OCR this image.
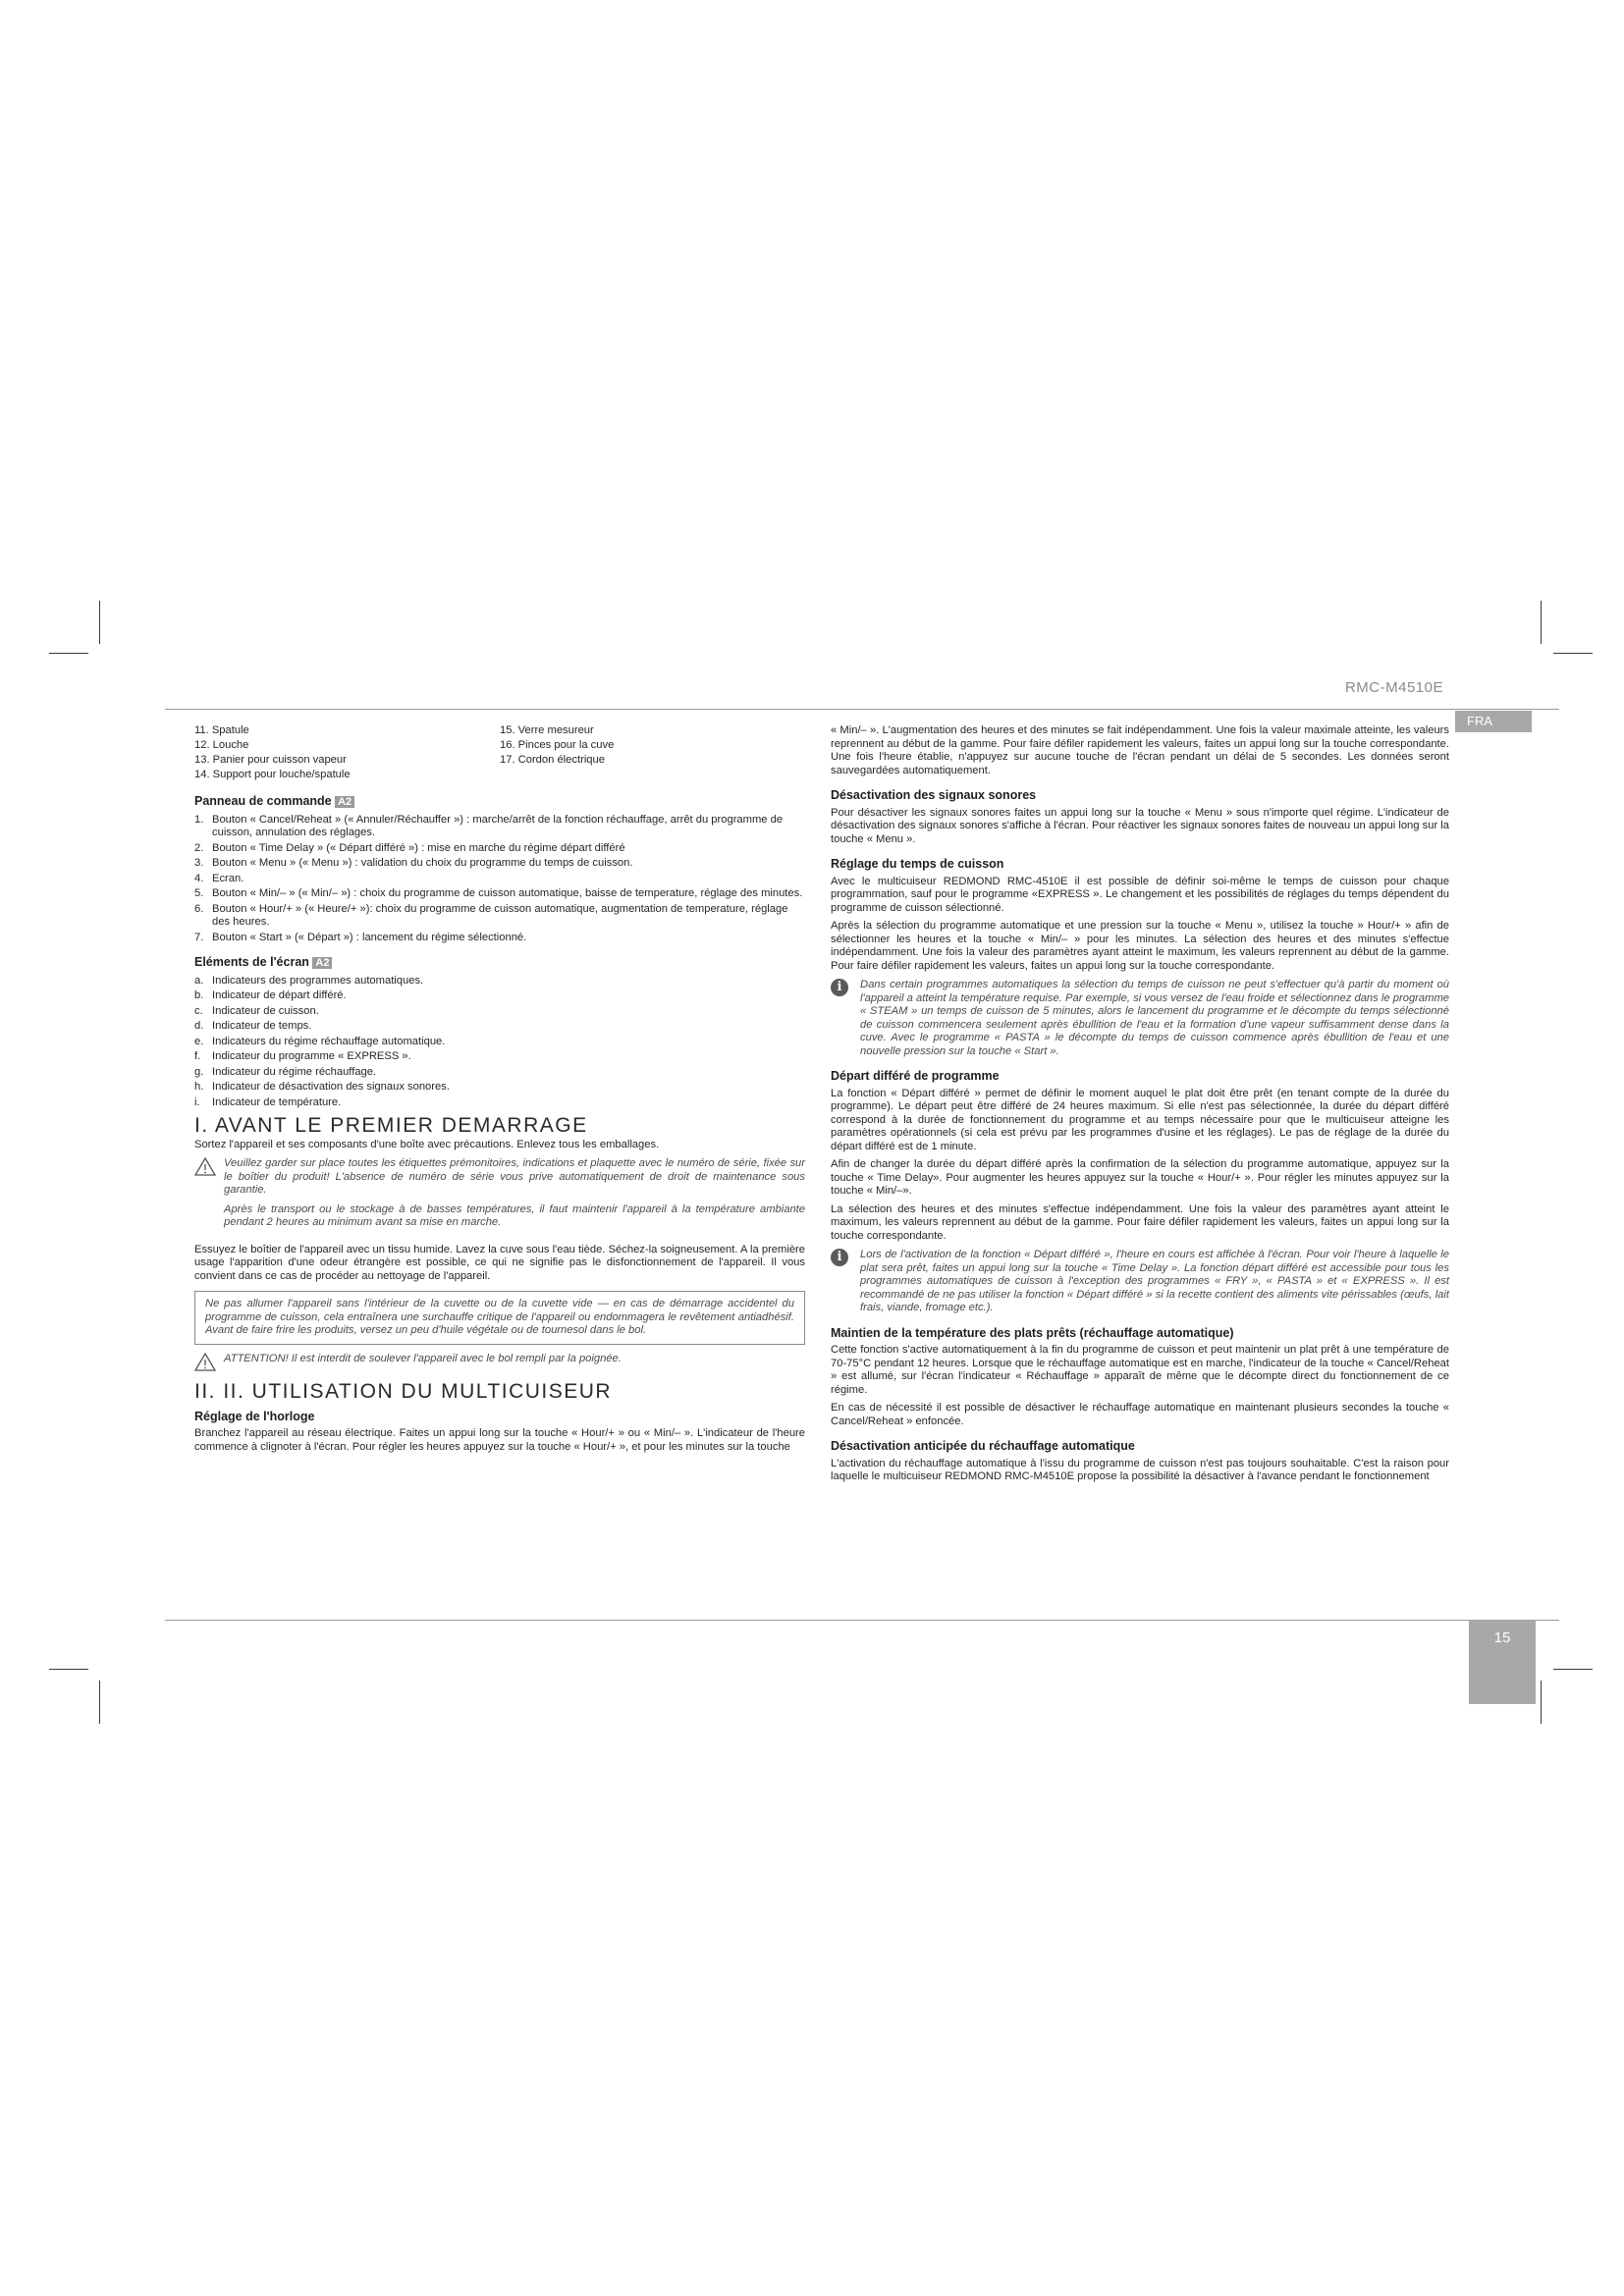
RMC-M4510E
FRA
11. Spatule
12. Louche
13. Panier pour cuisson vapeur
14. Support pour louche/spatule
15. Verre mesureur
16. Pinces pour la cuve
17. Cordon électrique
Panneau de commande A2
1. Bouton « Cancel/Reheat » (« Annuler/Réchauffer ») : marche/arrêt de la fonction réchauffage, arrêt du programme de cuisson, annulation des réglages.
2. Bouton « Time Delay » (« Départ différé ») : mise en marche du régime départ différé
3. Bouton « Menu » (« Menu ») : validation du choix du programme du temps de cuisson.
4. Ecran.
5. Bouton « Min/– » (« Min/– ») : choix du programme de cuisson automatique, baisse de temperature, réglage des minutes.
6. Bouton « Hour/+ » (« Heure/+ »): choix du programme de cuisson automatique, augmentation de temperature, réglage des heures.
7. Bouton « Start » (« Départ ») : lancement du régime sélectionné.
Eléments de l'écran A2
a. Indicateurs des programmes automatiques.
b. Indicateur de départ différé.
c. Indicateur de cuisson.
d. Indicateur de temps.
e. Indicateurs du régime réchauffage automatique.
f.	Indicateur du programme « EXPRESS ».
g. Indicateur du régime réchauffage.
h. Indicateur de désactivation des signaux sonores.
i.	Indicateur de température.
I. AVANT LE PREMIER DEMARRAGE

Sortez l'appareil et ses composants d'une boîte avec précautions. Enlevez tous les emballages.

Veuillez garder sur place toutes les étiquettes prémonitoires, indications et plaquette avec le numéro de série, fixée sur le boîtier du produit! L'absence de numéro de série vous prive automatiquement de droit de maintenance sous garantie.

Après le transport ou le stockage à de basses températures, il faut maintenir l'appareil à la température ambiante pendant 2 heures au minimum avant sa mise en marche.

Essuyez le boîtier de l'appareil avec un tissu humide. Lavez la cuve sous l'eau tiède. Séchez-la soigneusement. A la première usage l'apparition d'une odeur étrangère est possible, ce qui ne signifie pas le disfonctionnement de l'appareil. Il vous convient dans ce cas de procéder au nettoyage de l'appareil.

Ne pas allumer l'appareil sans l'intérieur de la cuvette ou de la cuvette vide — en cas de démarrage accidentel du programme de cuisson, cela entraînera une surchauffe critique de l'appareil ou endommagera le revêtement antiadhésif. Avant de faire frire les produits, versez un peu d'huile végétale ou de tournesol dans le bol.
ATTENTION! Il est interdit de soulever l'appareil avec le bol rempli par la poignée.
II. II. UTILISATION DU MULTICUISEUR
Réglage de l'horloge

Branchez l'appareil au réseau électrique. Faites un appui long sur la touche « Hour/+ » ou « Min/– ». L'indicateur de l'heure commence à clignoter à l'écran. Pour régler les heures appuyez sur la touche « Hour/+ », et pour les minutes sur la touche

« Min/– ». L'augmentation des heures et des minutes se fait indépendamment. Une fois la valeur maximale atteinte, les valeurs reprennent au début de la gamme. Pour faire défiler rapidement les valeurs, faites un appui long sur la touche correspondante. Une fois l'heure établie, n'appuyez sur aucune touche de l'écran pendant un délai de 5 secondes. Les données seront sauvegardées automatiquement.

Désactivation des signaux sonores

Pour désactiver les signaux sonores faites un appui long sur la touche « Menu » sous n'importe quel régime. L'indicateur de désactivation des signaux sonores s'affiche à l'écran. Pour réactiver les signaux sonores faites de nouveau un appui long sur la touche « Menu ».

Réglage du temps de cuisson

Avec le multicuiseur REDMOND RMC-4510E il est possible de définir soi-même le temps de cuisson pour chaque programmation, sauf pour le programme «EXPRESS ». Le changement et les possibilités de réglages du temps dépendent du programme de cuisson sélectionné.

Après la sélection du programme automatique et une pression sur la touche « Menu », utilisez la touche » Hour/+ » afin de sélectionner les heures et la touche « Min/– » pour les minutes. La sélection des heures et des minutes s'effectue indépendamment. Une fois la valeur des paramètres ayant atteint le maximum, les valeurs reprennent au début de la gamme. Pour faire défiler rapidement les valeurs, faites un appui long sur la touche correspondante.

i	Dans certain programmes automatiques la sélection du temps de cuisson ne peut s'effectuer qu'à partir du moment où l'appareil a atteint la température requise. Par exemple, si vous versez de l'eau froide et sélectionnez dans le programme « STEAM » un temps de cuisson de 5 minutes, alors le lancement du programme et le décompte du temps sélectionné de cuisson commencera seulement après ébullition de l'eau et la formation d'une vapeur suffisamment dense dans la cuve. Avec le programme « PASTA » le décompte du temps de cuisson commence après ébullition de l'eau et une nouvelle pression sur la touche « Start ».
Départ différé de programme

La fonction « Départ différé » permet de définir le moment auquel le plat doit être prêt (en tenant compte de la durée du programme). Le départ peut être différé de 24 heures maximum. Si elle n'est pas sélectionnée, la durée du départ différé correspond à la durée de fonctionnement du programme et au temps nécessaire pour que le multicuiseur atteigne les paramètres opérationnels (si cela est prévu par les programmes d'usine et les réglages). Le pas de réglage de la durée du départ différé est de 1 minute.

Afin de changer la durée du départ différé après la confirmation de la sélection du programme automatique, appuyez sur la touche « Time Delay». Pour augmenter les heures appuyez sur la touche « Hour/+ ». Pour régler les minutes appuyez sur la touche « Min/–».

La sélection des heures et des minutes s'effectue indépendamment. Une fois la valeur des paramètres ayant atteint le maximum, les valeurs reprennent au début de la gamme. Pour faire défiler rapidement les valeurs, faites un appui long sur la touche correspondante.

i	Lors de l'activation de la fonction « Départ différé », l'heure en cours est affichée à l'écran. Pour voir l'heure à laquelle le plat sera prêt, faites un appui long sur la touche « Time Delay ». La fonction départ différé est accessible pour tous les programmes automatiques de cuisson à l'exception des programmes « FRY », « PASTA » et « EXPRESS ». Il est recommandé de ne pas utiliser la fonction « Départ différé » si la recette contient des aliments vite périssables (œufs, lait frais, viande, fromage etc.).
Maintien de la température des plats prêts (réchauffage automatique)

Cette fonction s'active automatiquement à la fin du programme de cuisson et peut maintenir un plat prêt à une température de 70-75°C pendant 12 heures. Lorsque que le réchauffage automatique est en marche, l'indicateur de la touche « Cancel/Reheat » est allumé, sur l'écran l'indicateur « Réchauffage » apparaît de même que le décompte direct du fonctionnement de ce régime.

En cas de nécessité il est possible de désactiver le réchauffage automatique en maintenant plusieurs secondes la touche « Cancel/Reheat » enfoncée.

Désactivation anticipée du réchauffage automatique

L'activation du réchauffage automatique à l'issu du programme de cuisson n'est pas toujours souhaitable. C'est la raison pour laquelle le multicuiseur REDMOND RMC-M4510E propose la possibilité la désactiver à l'avance pendant le fonctionnement

15
